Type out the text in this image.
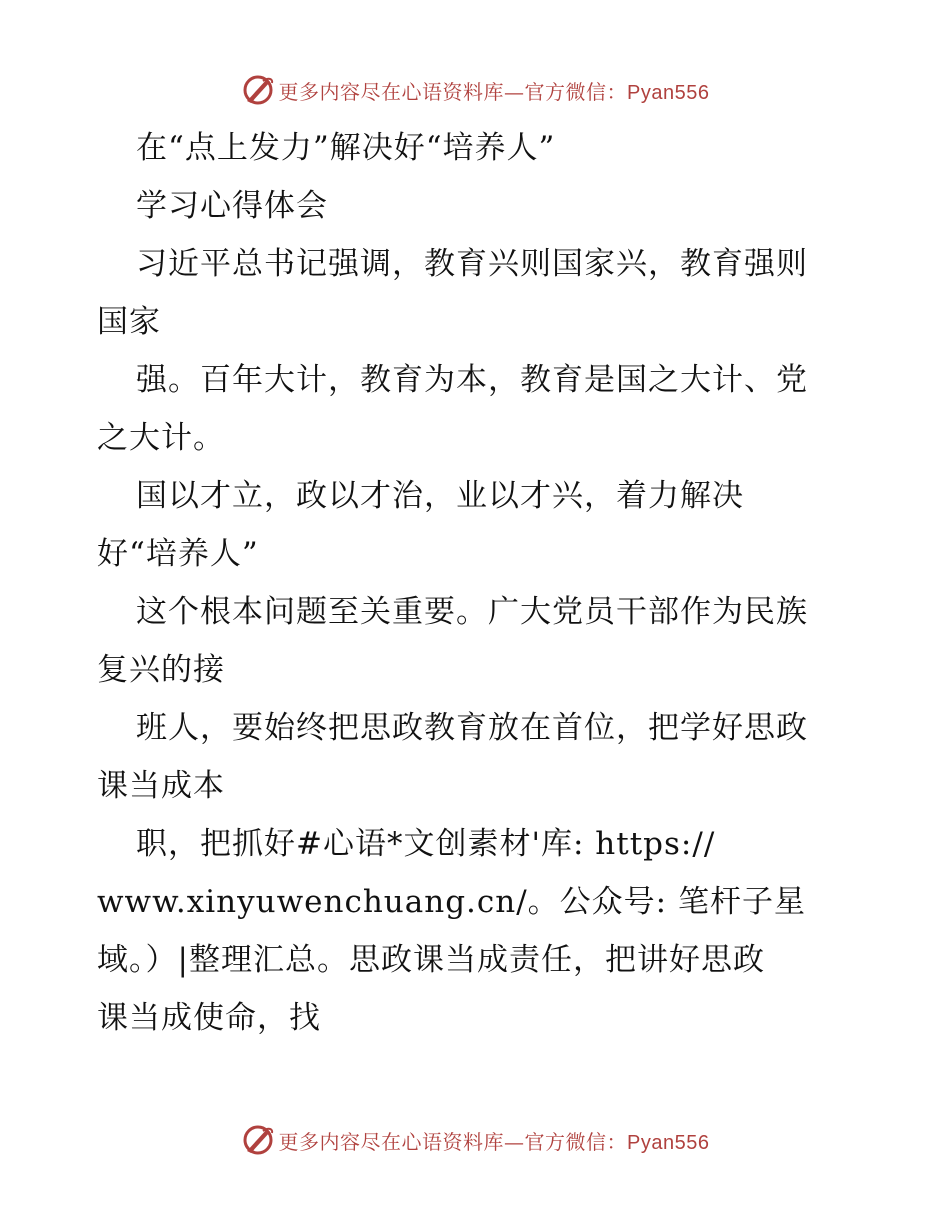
更多内容尽在心语资料库—官方微信：Pyan556
在“点上发力”解决好“培养人”
学习心得体会
习近平总书记强调，教育兴则国家兴，教育强则
国家
强。百年大计，教育为本，教育是国之大计、党
之大计。
国以才立，政以才治，业以才兴，着力解决
好“培养人”
这个根本问题至关重要。广大党员干部作为民族
复兴的接
班人，要始终把思政教育放在首位，把学好思政
课当成本
职，把抓好#心语*文创素材'库: https://
www.xinyuwenchuang.cn/。公众号: 笔杆子星
域。）|整理汇总。思政课当成责任，把讲好思政
课当成使命，找
更多内容尽在心语资料库—官方微信：Pyan556
